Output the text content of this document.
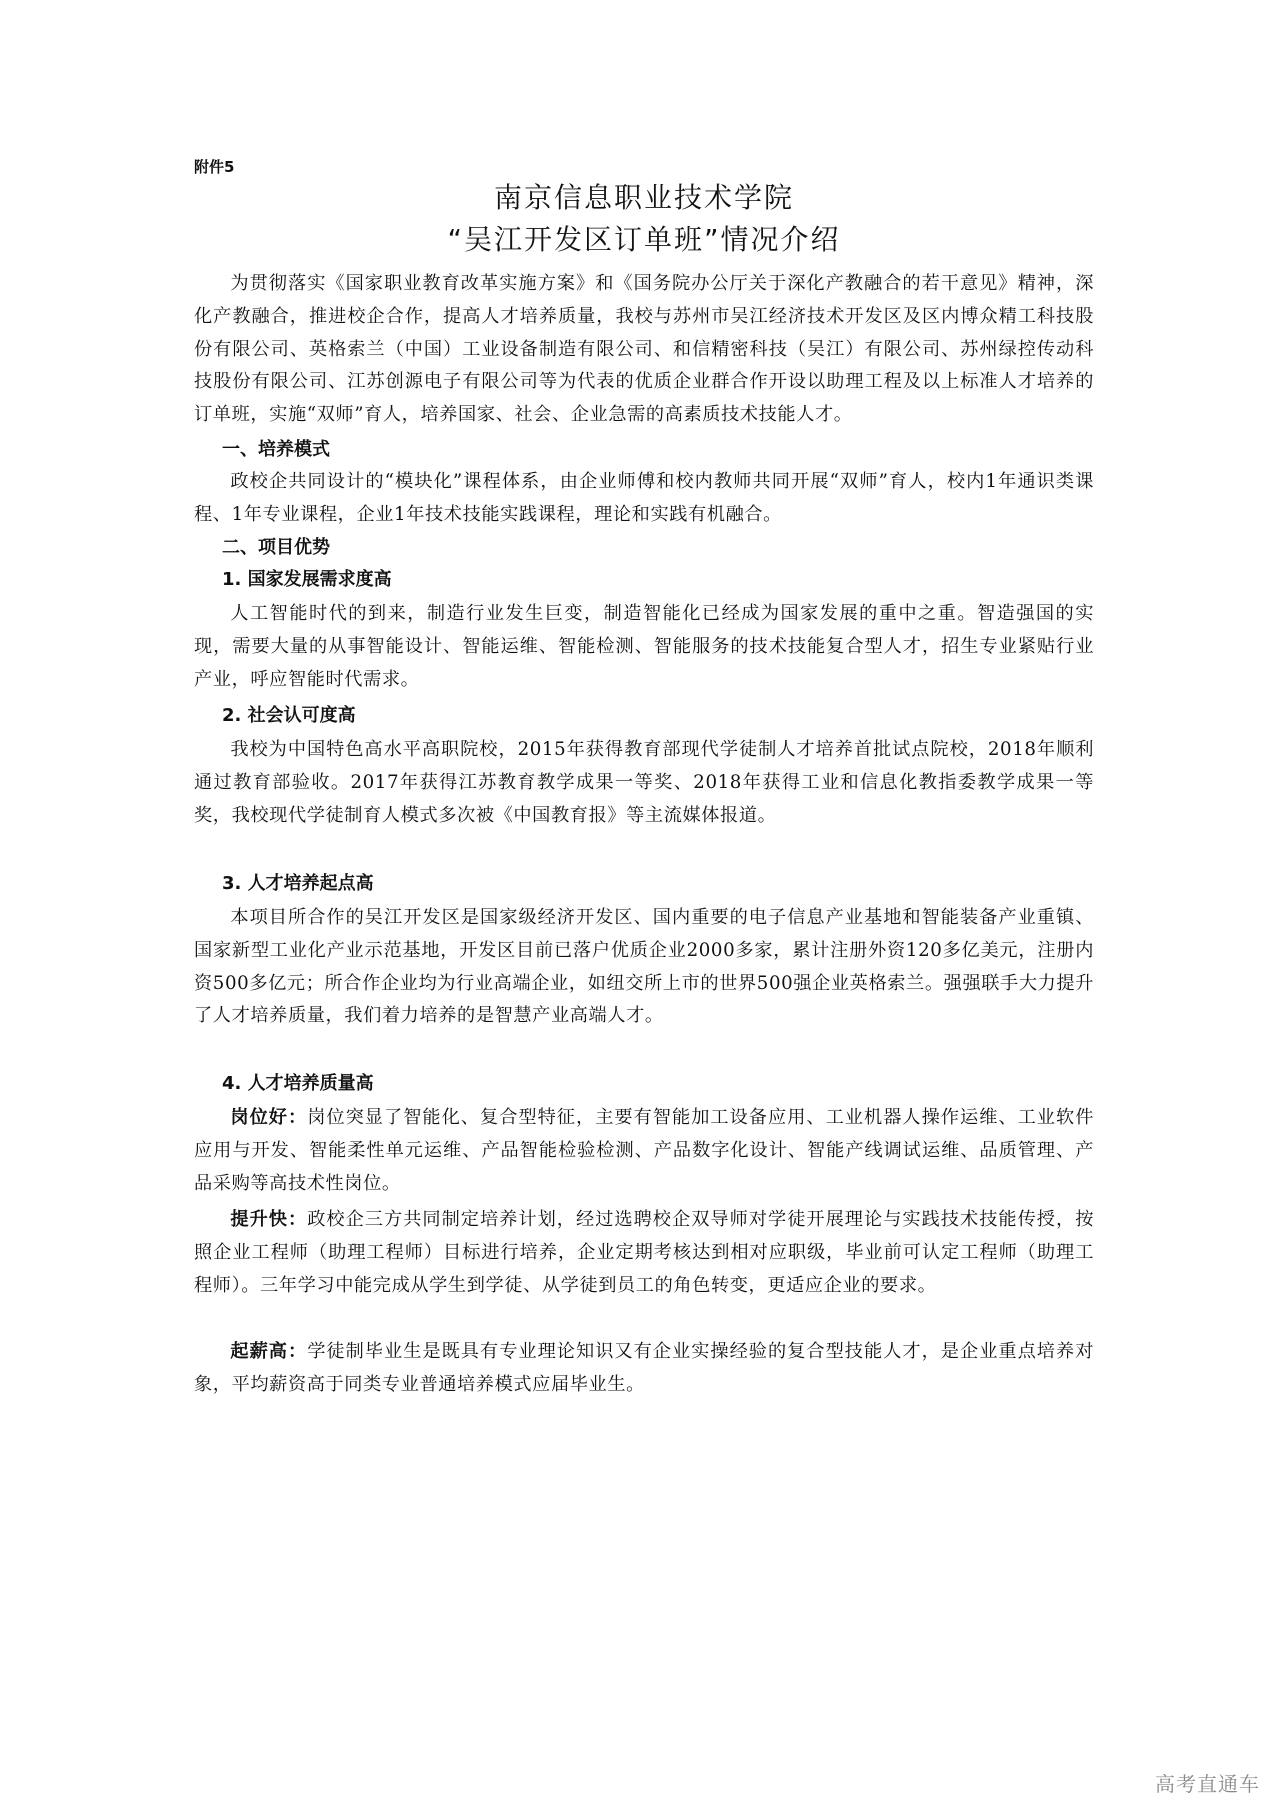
附件5
南京信息职业技术学院
“吴江开发区订单班”情况介绍
为贯彻落实《国家职业教育改革实施方案》和《国务院办公厅关于深化产教融合的若干意见》精神，深化产教融合，推进校企合作，提高人才培养质量，我校与苏州市吴江经济技术开发区及区内博众精工科技股份有限公司、英格索兰（中国）工业设备制造有限公司、和信精密科技（吴江）有限公司、苏州绿控传动科技股份有限公司、江苏创源电子有限公司等为代表的优质企业群合作开设以助理工程及以上标准人才培养的订单班，实施“双师”育人，培养国家、社会、企业急需的高素质技术技能人才。
一、培养模式
政校企共同设计的“模块化”课程体系，由企业师傅和校内教师共同开展“双师”育人，校内1年通识类课程、1年专业课程，企业1年技术技能实践课程，理论和实践有机融合。
二、项目优势
1. 国家发展需求度高
人工智能时代的到来，制造行业发生巨变，制造智能化已经成为国家发展的重中之重。智造强国的实现，需要大量的从事智能设计、智能运维、智能检测、智能服务的技术技能复合型人才，招生专业紧贴行业产业，呼应智能时代需求。
2. 社会认可度高
我校为中国特色高水平高职院校，2015年获得教育部现代学徒制人才培养首批试点院校，2018年顺利通过教育部验收。2017年获得江苏教育教学成果一等奖、2018年获得工业和信息化教指委教学成果一等奖，我校现代学徒制育人模式多次被《中国教育报》等主流媒体报道。
3. 人才培养起点高
本项目所合作的吴江开发区是国家级经济开发区、国内重要的电子信息产业基地和智能装备产业重镇、国家新型工业化产业示范基地，开发区目前已落户优质企业2000多家，累计注册外资120多亿美元，注册内资500多亿元；所合作企业均为行业高端企业，如纽交所上市的世界500强企业英格索兰。强强联手大力提升了人才培养质量，我们着力培养的是智慧产业高端人才。
4. 人才培养质量高
岗位好：岗位突显了智能化、复合型特征，主要有智能加工设备应用、工业机器人操作运维、工业软件应用与开发、智能柔性单元运维、产品智能检验检测、产品数字化设计、智能产线调试运维、品质管理、产品采购等高技术性岗位。
提升快：政校企三方共同制定培养计划，经过选聘校企双导师对学徒开展理论与实践技术技能传授，按照企业工程师（助理工程师）目标进行培养，企业定期考核达到相对应职级，毕业前可认定工程师（助理工程师）。三年学习中能完成从学生到学徒、从学徒到员工的角色转变，更适应企业的要求。
起薪高：学徒制毕业生是既具有专业理论知识又有企业实操经验的复合型技能人才，是企业重点培养对象，平均薪资高于同类专业普通培养模式应届毕业生。
高考直通车
